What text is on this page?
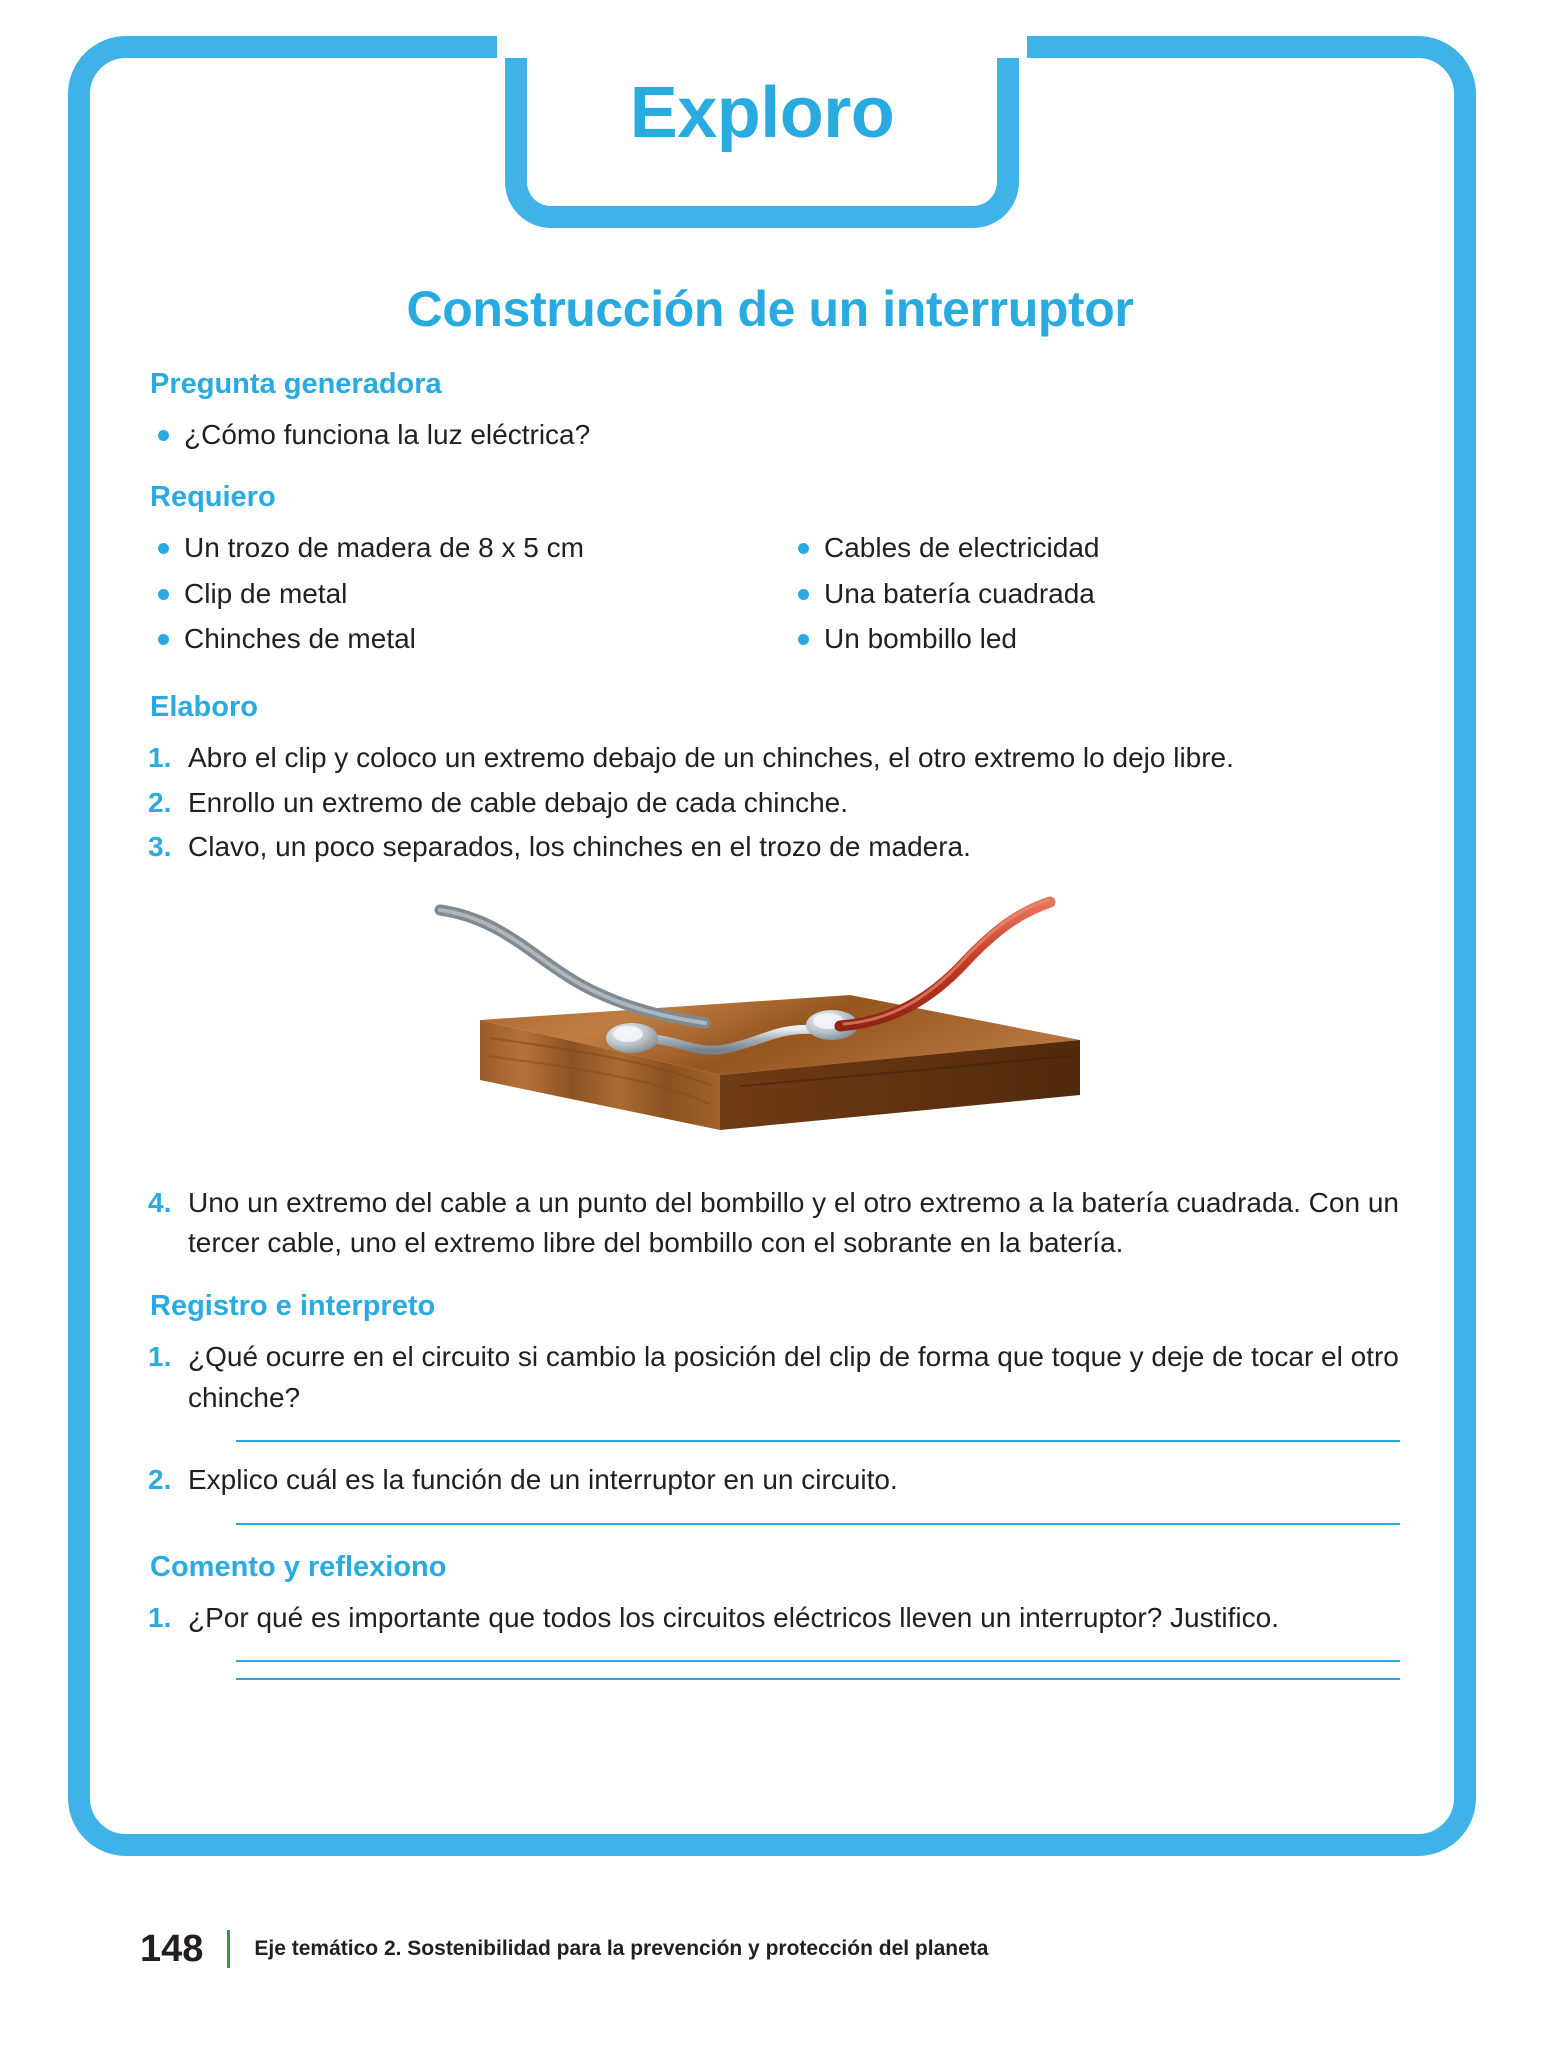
Exploro
Construcción de un interruptor
Pregunta generadora
¿Cómo funciona la luz eléctrica?
Requiero
Un trozo de madera de 8 x 5 cm
Clip de metal
Chinches de metal
Cables de electricidad
Una batería cuadrada
Un bombillo led
Elaboro
1. Abro el clip y coloco un extremo debajo de un chinches, el otro extremo lo dejo libre.
2. Enrollo un extremo de cable debajo de cada chinche.
3. Clavo, un poco separados, los chinches en el trozo de madera.
4. Uno un extremo del cable a un punto del bombillo y el otro extremo a la batería cuadrada. Con un tercer cable, uno el extremo libre del bombillo con el sobrante en la batería.
Registro e interpreto
1. ¿Qué ocurre en el circuito si cambio la posición del clip de forma que toque y deje de tocar el otro chinche?
2. Explico cuál es la función de un interruptor en un circuito.
Comento y reflexiono
1. ¿Por qué es importante que todos los circuitos eléctricos lleven un interruptor? Justifico.
148	Eje temático 2. Sostenibilidad para la prevención y protección del planeta
